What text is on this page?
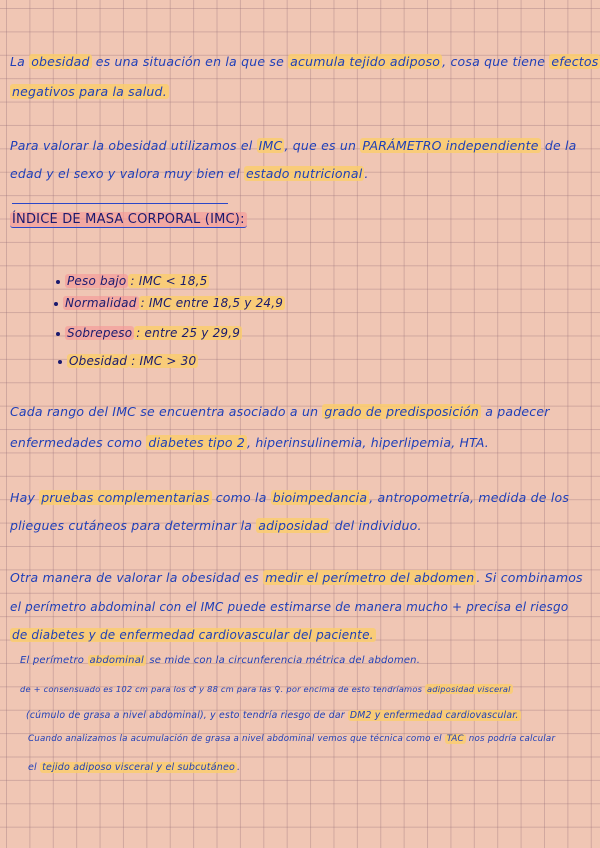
La obesidad es una situación en la que se acumula tejido adiposo , cosa que tiene efectos
negativos para la salud.
Para valorar la obesidad utilizamos el IMC , que es un PARÁMETRO independiente de la
edad y el sexo y valora muy bien el estado nutricional .
ÍNDICE DE MASA CORPORAL (IMC):
Peso bajo : IMC < 18,5
Normalidad : IMC entre 18,5 y 24,9
Sobrepeso : entre 25 y 29,9
Obesidad : IMC > 30
Cada rango del IMC se encuentra asociado a un grado de predisposición a padecer
enfermedades como diabetes tipo 2 , hiperinsulinemia, hiperlipemia, HTA.
Hay pruebas complementarias como la bioimpedancia , antropometría, medida de los
pliegues cutáneos para determinar la adiposidad del individuo.
Otra manera de valorar la obesidad es medir el perímetro del abdomen . Si combinamos
el perímetro abdominal con el IMC puede estimarse de manera mucho + precisa el riesgo
de diabetes y de enfermedad cardiovascular del paciente.
El perímetro abdominal se mide con la circunferencia métrica del abdomen.
de + consensuado es 102 cm para los ♂ y 88 cm para las ♀. por encima de esto tendríamos adiposidad visceral
(cúmulo de grasa a nivel abdominal), y esto tendría riesgo de dar DM2 y enfermedad cardiovascular.
Cuando analizamos la acumulación de grasa a nivel abdominal vemos que técnica como el TAC nos podría calcular
el tejido adiposo visceral y el subcutáneo .
